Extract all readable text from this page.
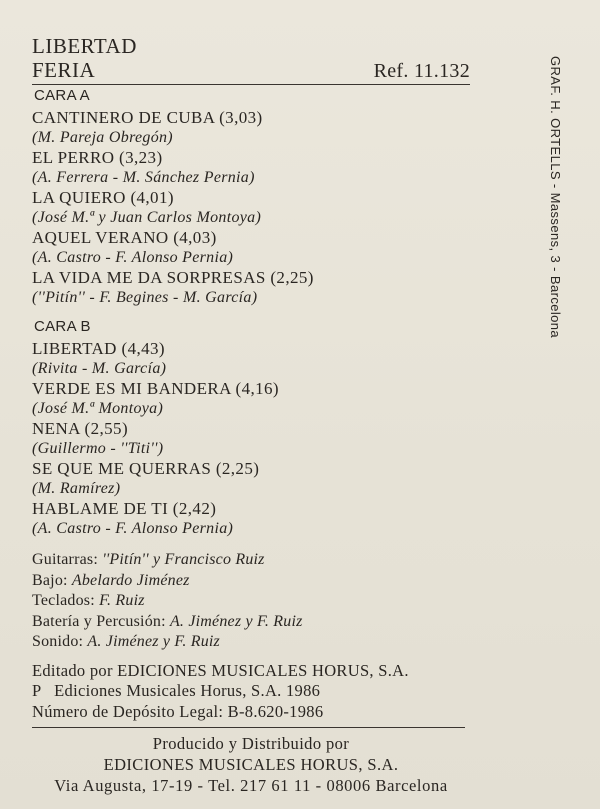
LIBERTAD
FERIA	Ref. 11.132
CARA A
CANTINERO DE CUBA (3,03)
(M. Pareja Obregón)
EL PERRO (3,23)
(A. Ferrera - M. Sánchez Pernia)
LA QUIERO (4,01)
(José M.ª y Juan Carlos Montoya)
AQUEL VERANO (4,03)
(A. Castro - F. Alonso Pernia)
LA VIDA ME DA SORPRESAS (2,25)
(''Pitín'' - F. Begines - M. García)
CARA B
LIBERTAD (4,43)
(Rivita - M. García)
VERDE ES MI BANDERA (4,16)
(José M.ª Montoya)
NENA (2,55)
(Guillermo - ''Titi'')
SE QUE ME QUERRAS (2,25)
(M. Ramírez)
HABLAME DE TI (2,42)
(A. Castro - F. Alonso Pernia)
Guitarras: ''Pitín'' y Francisco Ruiz
Bajo: Abelardo Jiménez
Teclados: F. Ruiz
Batería y Percusión: A. Jiménez y F. Ruiz
Sonido: A. Jiménez y F. Ruiz
Editado por EDICIONES MUSICALES HORUS, S.A.
P   Ediciones Musicales Horus, S.A. 1986
Número de Depósito Legal: B-8.620-1986
Producido y Distribuido por
EDICIONES MUSICALES HORUS, S.A.
Via Augusta, 17-19 - Tel. 217 61 11 - 08006 Barcelona
GRAF. H. ORTELLS - Massens, 3 - Barcelona
